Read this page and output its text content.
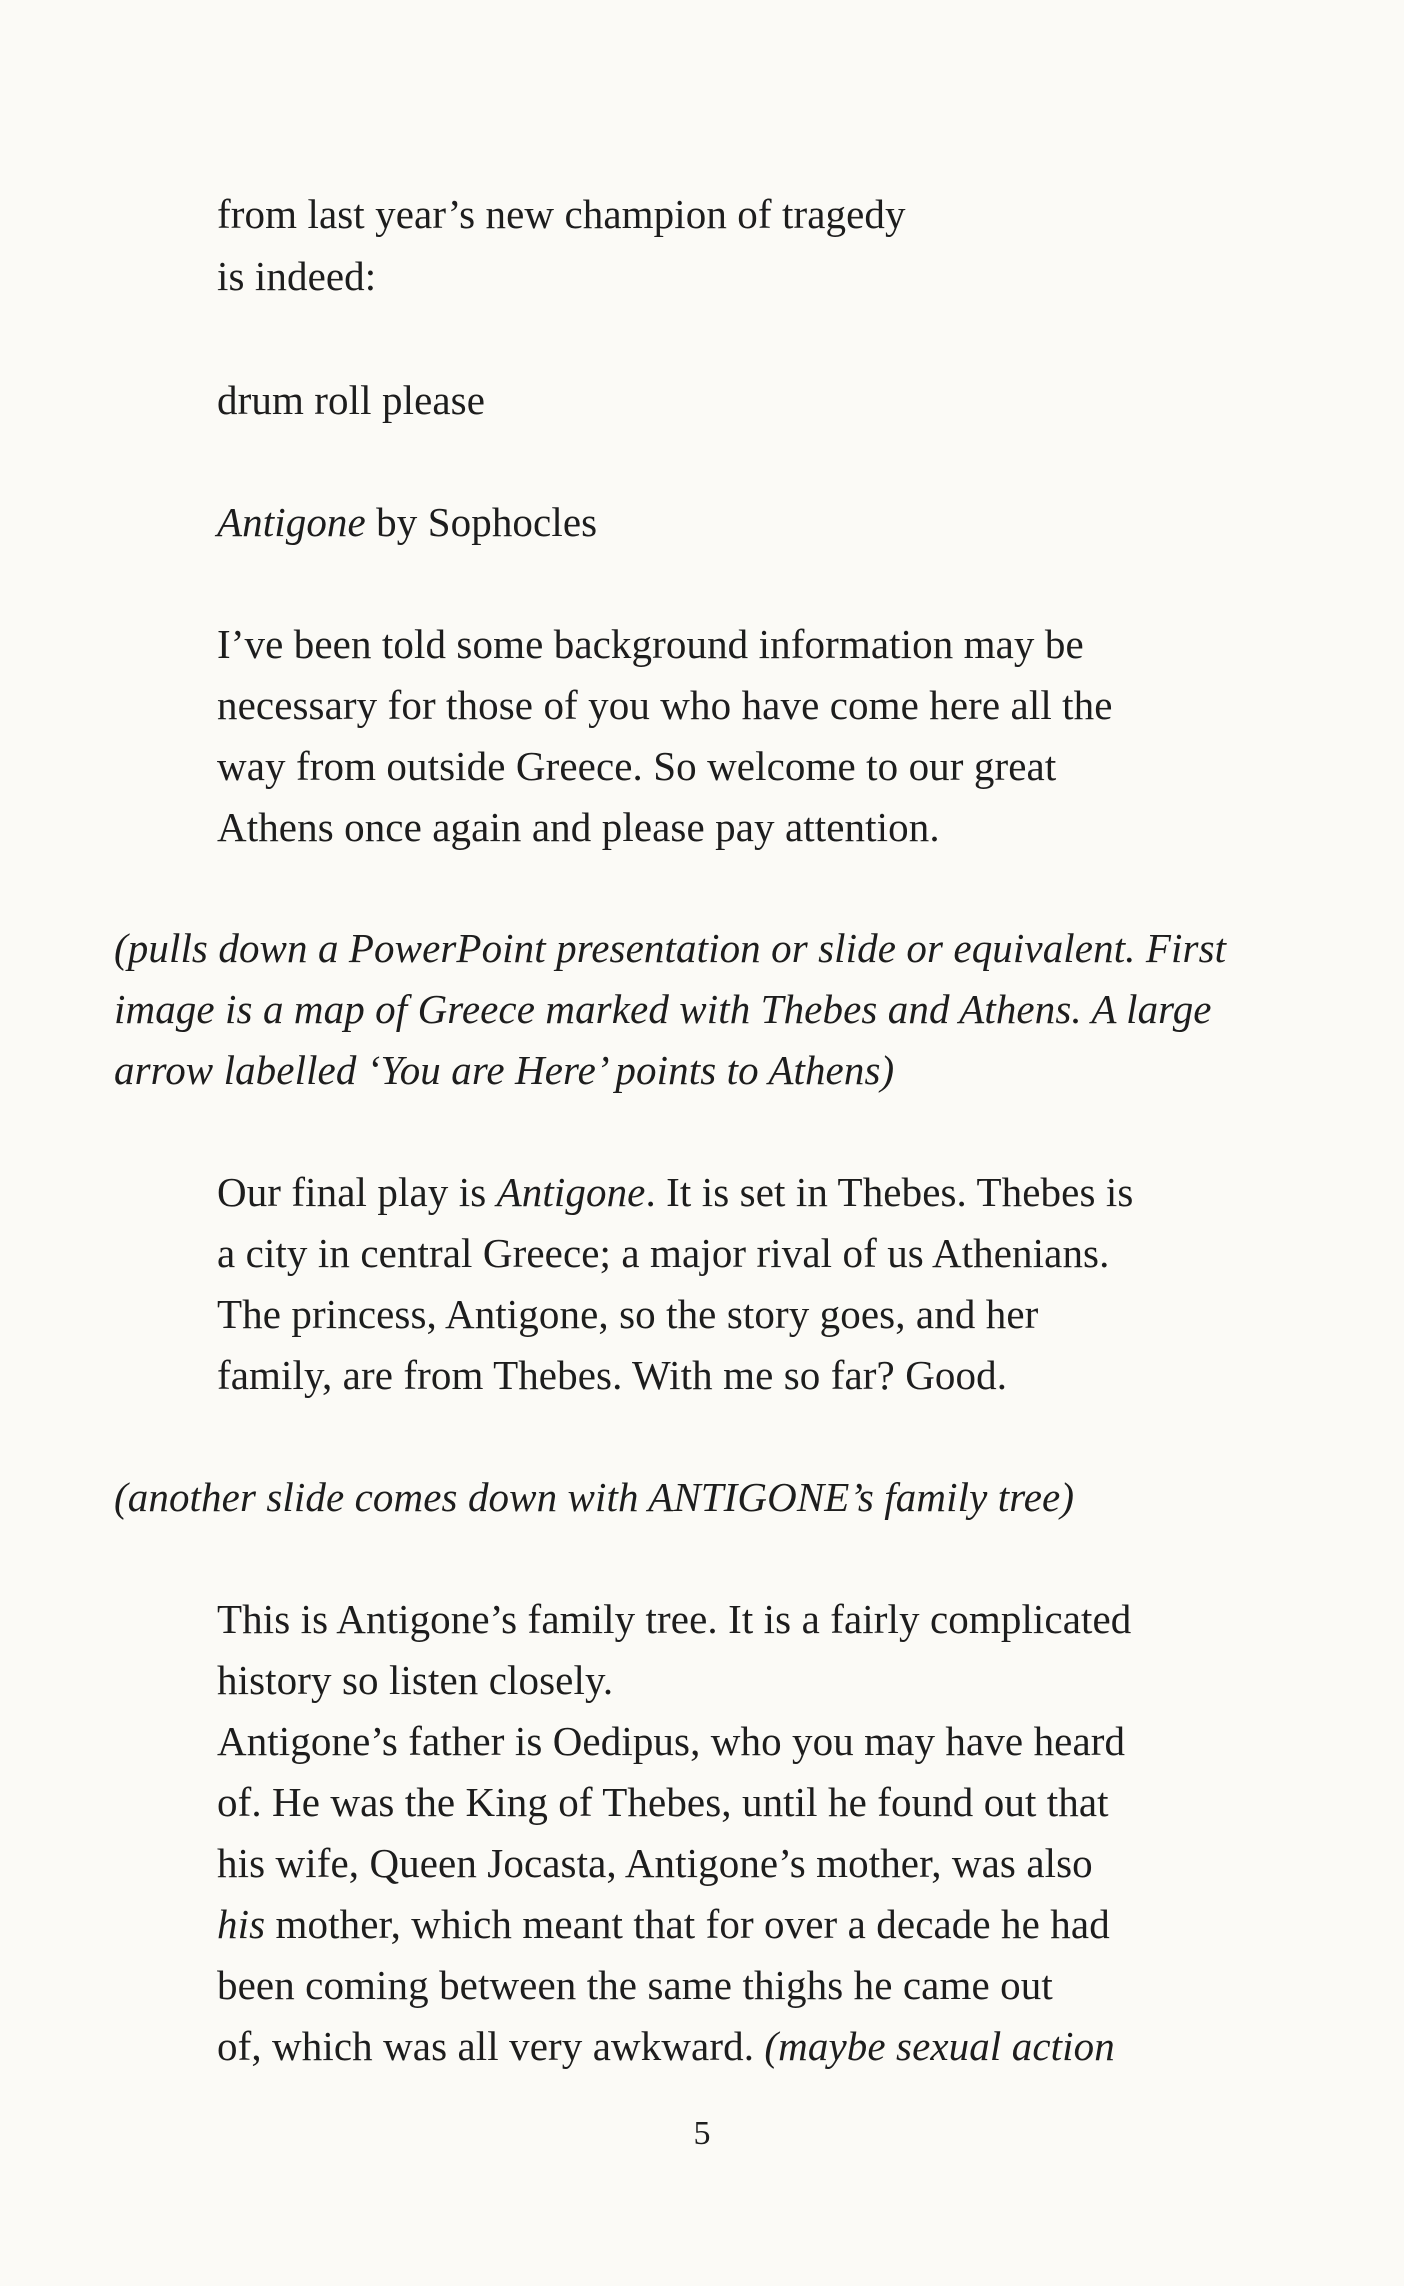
from last year’s new champion of tragedy
is indeed:
drum roll please
Antigone by Sophocles
I’ve been told some background information may be
necessary for those of you who have come here all the
way from outside Greece. So welcome to our great
Athens once again and please pay attention.
(pulls down a PowerPoint presentation or slide or equivalent. First
image is a map of Greece marked with Thebes and Athens. A large
arrow labelled ‘You are Here’ points to Athens)
Our final play is Antigone. It is set in Thebes. Thebes is
a city in central Greece; a major rival of us Athenians.
The princess, Antigone, so the story goes, and her
family, are from Thebes. With me so far? Good.
(another slide comes down with ANTIGONE’s family tree)
This is Antigone’s family tree. It is a fairly complicated
history so listen closely.
Antigone’s father is Oedipus, who you may have heard
of. He was the King of Thebes, until he found out that
his wife, Queen Jocasta, Antigone’s mother, was also
his mother, which meant that for over a decade he had
been coming between the same thighs he came out
of, which was all very awkward. (maybe sexual action
5
